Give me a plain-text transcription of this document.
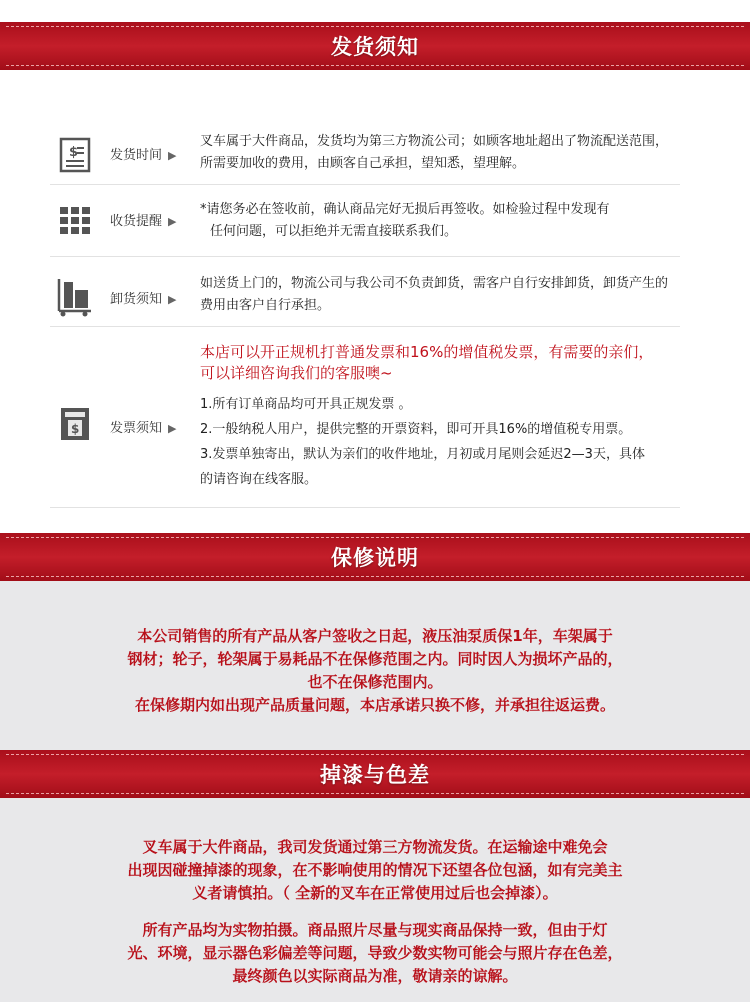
发货须知
$ 发货时间 ▶
叉车属于大件商品，发货均为第三方物流公司；如顾客地址超出了物流配送范围，
所需要加收的费用，由顾客自己承担，望知悉，望理解。
收货提醒 ▶
*请您务必在签收前，确认商品完好无损后再签收。如检验过程中发现有
任何问题，可以拒绝并无需直接联系我们。
卸货须知 ▶
如送货上门的，物流公司与我公司不负责卸货，需客户自行安排卸货，卸货产生的
费用由客户自行承担。
$ 发票须知 ▶
本店可以开正规机打普通发票和16%的增值税发票，有需要的亲们，
可以详细咨询我们的客服噢~
1.所有订单商品均可开具正规发票 。
2.一般纳税人用户，提供完整的开票资料，即可开具16%的增值税专用票。
3.发票单独寄出，默认为亲们的收件地址，月初或月尾则会延迟2—3天，具体
的请咨询在线客服。
保修说明
本公司销售的所有产品从客户签收之日起，液压油泵质保1年，车架属于
钢材；轮子，轮架属于易耗品不在保修范围之内。同时因人为损坏产品的，
也不在保修范围内。
在保修期内如出现产品质量问题，本店承诺只换不修，并承担往返运费。
掉漆与色差
叉车属于大件商品，我司发货通过第三方物流发货。在运输途中难免会
出现因碰撞掉漆的现象，在不影响使用的情况下还望各位包涵，如有完美主
义者请慎拍。（ 全新的叉车在正常使用过后也会掉漆）。
所有产品均为实物拍摄。商品照片尽量与现实商品保持一致，但由于灯
光、环境，显示器色彩偏差等问题，导致少数实物可能会与照片存在色差，
最终颜色以实际商品为准，敬请亲的谅解。
